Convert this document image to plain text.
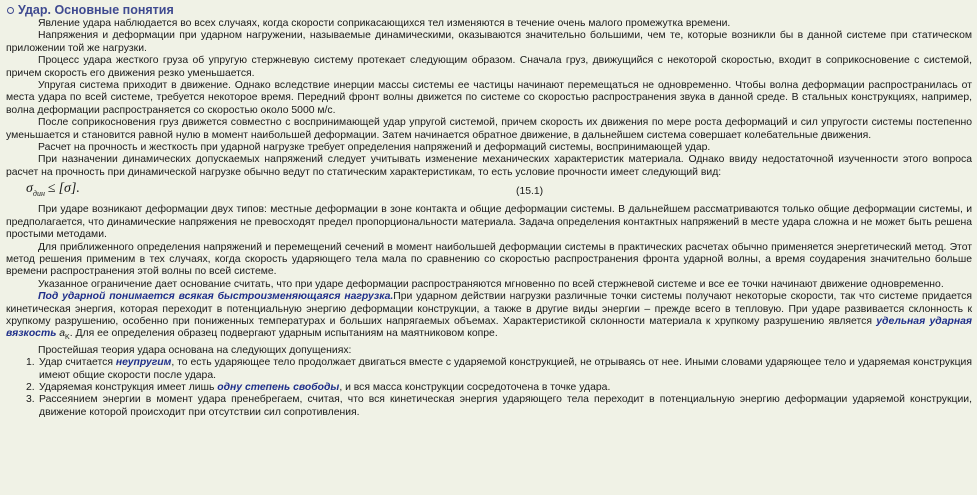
Удар. Основные понятия

Явление удара наблюдается во всех случаях, когда скорости соприкасающихся тел изменяются в течение очень малого промежутка времени.

Напряжения и деформации при ударном нагружении, называемые динамическими, оказываются значительно большими, чем те, которые возникли бы в данной системе при статическом приложении той же нагрузки.

Процесс удара жесткого груза об упругую стержневую систему протекает следующим образом. Сначала груз, движущийся с некоторой скоростью, входит в соприкосновение с системой, причем скорость его движения резко уменьшается.

Упругая система приходит в движение. Однако вследствие инерции массы системы ее частицы начинают перемещаться не одновременно. Чтобы волна деформации распространилась от места удара по всей системе, требуется некоторое время. Передний фронт волны движется по системе со скоростью распространения звука в данной среде. В стальных конструкциях, например, волна деформации распространяется со скоростью около 5000 м/с.

После соприкосновения груз движется совместно с воспринимающей удар упругой системой, причем скорость их движения по мере роста деформаций и сил упругости системы постепенно уменьшается и становится равной нулю в момент наибольшей деформации. Затем начинается обратное движение, в дальнейшем система совершает колебательные движения.

Расчет на прочность и жесткость при ударной нагрузке требует определения напряжений и деформаций системы, воспринимающей удар.

При назначении динамических допускаемых напряжений следует учитывать изменение механических характеристик материала. Однако ввиду недостаточной изученности этого вопроса расчет на прочность при динамической нагрузке обычно ведут по статическим характеристикам, то есть условие прочности имеет следующий вид:

$\sigma_{дин} \le [\sigma]$.	(15.1)

При ударе возникают деформации двух типов: местные деформации в зоне контакта и общие деформации системы. В дальнейшем рассматриваются только общие деформации системы, и предполагается, что динамические напряжения не превосходят предел пропорциональности материала. Задача определения контактных напряжений в месте удара сложна и не может быть решена простыми методами.

Для приближенного определения напряжений и перемещений сечений в момент наибольшей деформации системы в практических расчетах обычно применяется энергетический метод. Этот метод решения применим в тех случаях, когда скорость ударяющего тела мала по сравнению со скоростью распространения фронта ударной волны, а время соударения значительно больше времени распространения этой волны по всей системе.

Указанное ограничение дает основание считать, что при ударе деформации распространяются мгновенно по всей стержневой системе и все ее точки начинают движение одновременно.

Под ударной понимается всякая быстроизменяющаяся нагрузка.При ударном действии нагрузки различные точки системы получают некоторые скорости, так что системе придается кинетическая энергия, которая переходит в потенциальную энергию деформации конструкции, а также в другие виды энергии – прежде всего в тепловую. При ударе развивается склонность к хрупкому разрушению, особенно при пониженных температурах и больших напрягаемых объемах. Характеристикой склонности материала к хрупкому разрушению является удельная ударная вязкость $a_K$. Для ее определения образец подвергают ударным испытаниям на маятниковом копре.

Простейшая теория удара основана на следующих допущениях:

1. Удар считается неупругим, то есть ударяющее тело продолжает двигаться вместе с ударяемой конструкцией, не отрываясь от нее. Иными словами ударяющее тело и ударяемая конструкция имеют общие скорости после удара.
2. Ударяемая конструкция имеет лишь одну степень свободы, и вся масса конструкции сосредоточена в точке удара.
3. Рассеянием энергии в момент удара пренебрегаем, считая, что вся кинетическая энергия ударяющего тела переходит в потенциальную энергию деформации ударяемой конструкции, движение которой происходит при отсутствии сил сопротивления.
